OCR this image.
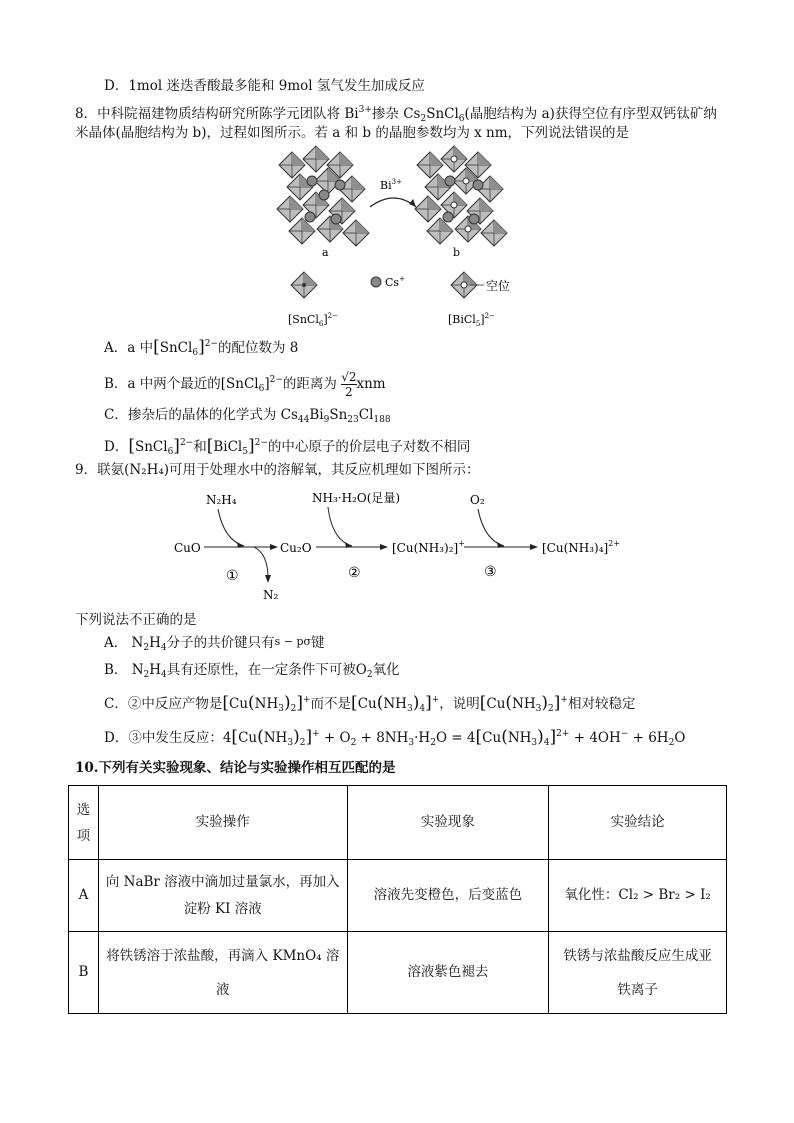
D．1mol 迷迭香酸最多能和 9mol 氢气发生加成反应
8．中科院福建物质结构研究所陈学元团队将 $Bi^{3+}$掺杂 $Cs_2SnCl_6$(晶胞结构为 a)获得空位有序型双钙钛矿纳
米晶体(晶胞结构为 b)，过程如图所示。若 a 和 b 的晶胞参数均为 x nm，下列说法错误的是
a
$Bi^{3+}$
b
[SnCl$_6$]$^{2-}$
Cs+	空位
[BiCl$_5$]$^{2-}$
A．a 中[SnCl$_6$]$^{2-}$的配位数为 8
B．a 中两个最近的[SnCl$_6$]$^{2-}$的距离为 $\frac{√2}{2}$ xnm
C．掺杂后的晶体的化学式为 $Cs_{44}Bi_9Sn_{23}Cl_{188}$
D．[SnCl$_6$]$^{2-}$和[BiCl$_5$]$^{2-}$的中心原子的价层电子对数不相同
9．联氨(N₂H₄)可用于处理水中的溶解氧，其反应机理如下图所示：
N₂H₄
CuO
N₂
①
Cu₂O
NH₃·H₂O(足量)
②
[Cu(NH₃)₂]+
O₂
③
$[Cu(NH_3)_4]^{2+}$
下列说法不正确的是
A． $N_2H_4$分子的共价键只有s − pσ键
B． $N_2H_4$具有还原性，在一定条件下可被$O_2$氧化
C．②中反应产物是$[Cu(NH_3)_2]^+$而不是$[Cu(NH_3)_4]^+$，说明$[Cu(NH_3)_2]^+$相对较稳定
D．③中发生反应：$4[Cu(NH_3)_2]^+ + O_2 + 8NH_3\cdot H_2O = 4[Cu(NH_3)_4]^{2+} + 4OH^- + 6H_2O$
10.下列有关实验现象、结论与实验操作相互匹配的是
选
项	实验操作	实验现象	实验结论
A	向 NaBr 溶液中滴加过量氯水，再加入
淀粉 KI 溶液	溶液先变橙色，后变蓝色	氧化性：Cl₂ > Br₂ > I₂
B	将铁锈溶于浓盐酸，再滴入 KMnO₄ 溶
液	溶液紫色褪去	铁锈与浓盐酸反应生成亚
铁离子
